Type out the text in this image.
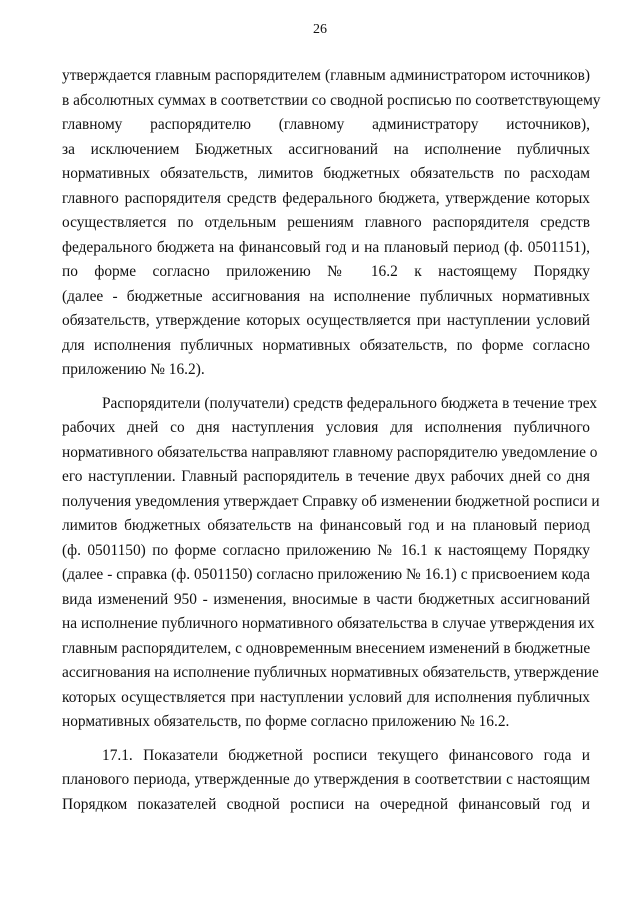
26
утверждается главным распорядителем (главным администратором источников)
в абсолютных суммах в соответствии со сводной росписью по соответствующему
главному распорядителю (главному администратору источников),
за исключением Бюджетных ассигнований на исполнение публичных
нормативных обязательств, лимитов бюджетных обязательств по расходам
главного распорядителя средств федерального бюджета, утверждение которых
осуществляется по отдельным решениям главного распорядителя средств
федерального бюджета на финансовый год и на плановый период (ф. 0501151),
по форме согласно приложению № 16.2 к настоящему Порядку
(далее - бюджетные ассигнования на исполнение публичных нормативных
обязательств, утверждение которых осуществляется при наступлении условий
для исполнения публичных нормативных обязательств, по форме согласно
приложению № 16.2).
Распорядители (получатели) средств федерального бюджета в течение трех
рабочих дней со дня наступления условия для исполнения публичного
нормативного обязательства направляют главному распорядителю уведомление о
его наступлении. Главный распорядитель в течение двух рабочих дней со дня
получения уведомления утверждает Справку об изменении бюджетной росписи и
лимитов бюджетных обязательств на финансовый год и на плановый период
(ф. 0501150) по форме согласно приложению № 16.1 к настоящему Порядку
(далее - справка (ф. 0501150) согласно приложению № 16.1) с присвоением кода
вида изменений 950 - изменения, вносимые в части бюджетных ассигнований
на исполнение публичного нормативного обязательства в случае утверждения их
главным распорядителем, с одновременным внесением изменений в бюджетные
ассигнования на исполнение публичных нормативных обязательств, утверждение
которых осуществляется при наступлении условий для исполнения публичных
нормативных обязательств, по форме согласно приложению № 16.2.
17.1. Показатели бюджетной росписи текущего финансового года и
планового периода, утвержденные до утверждения в соответствии с настоящим
Порядком показателей сводной росписи на очередной финансовый год и
